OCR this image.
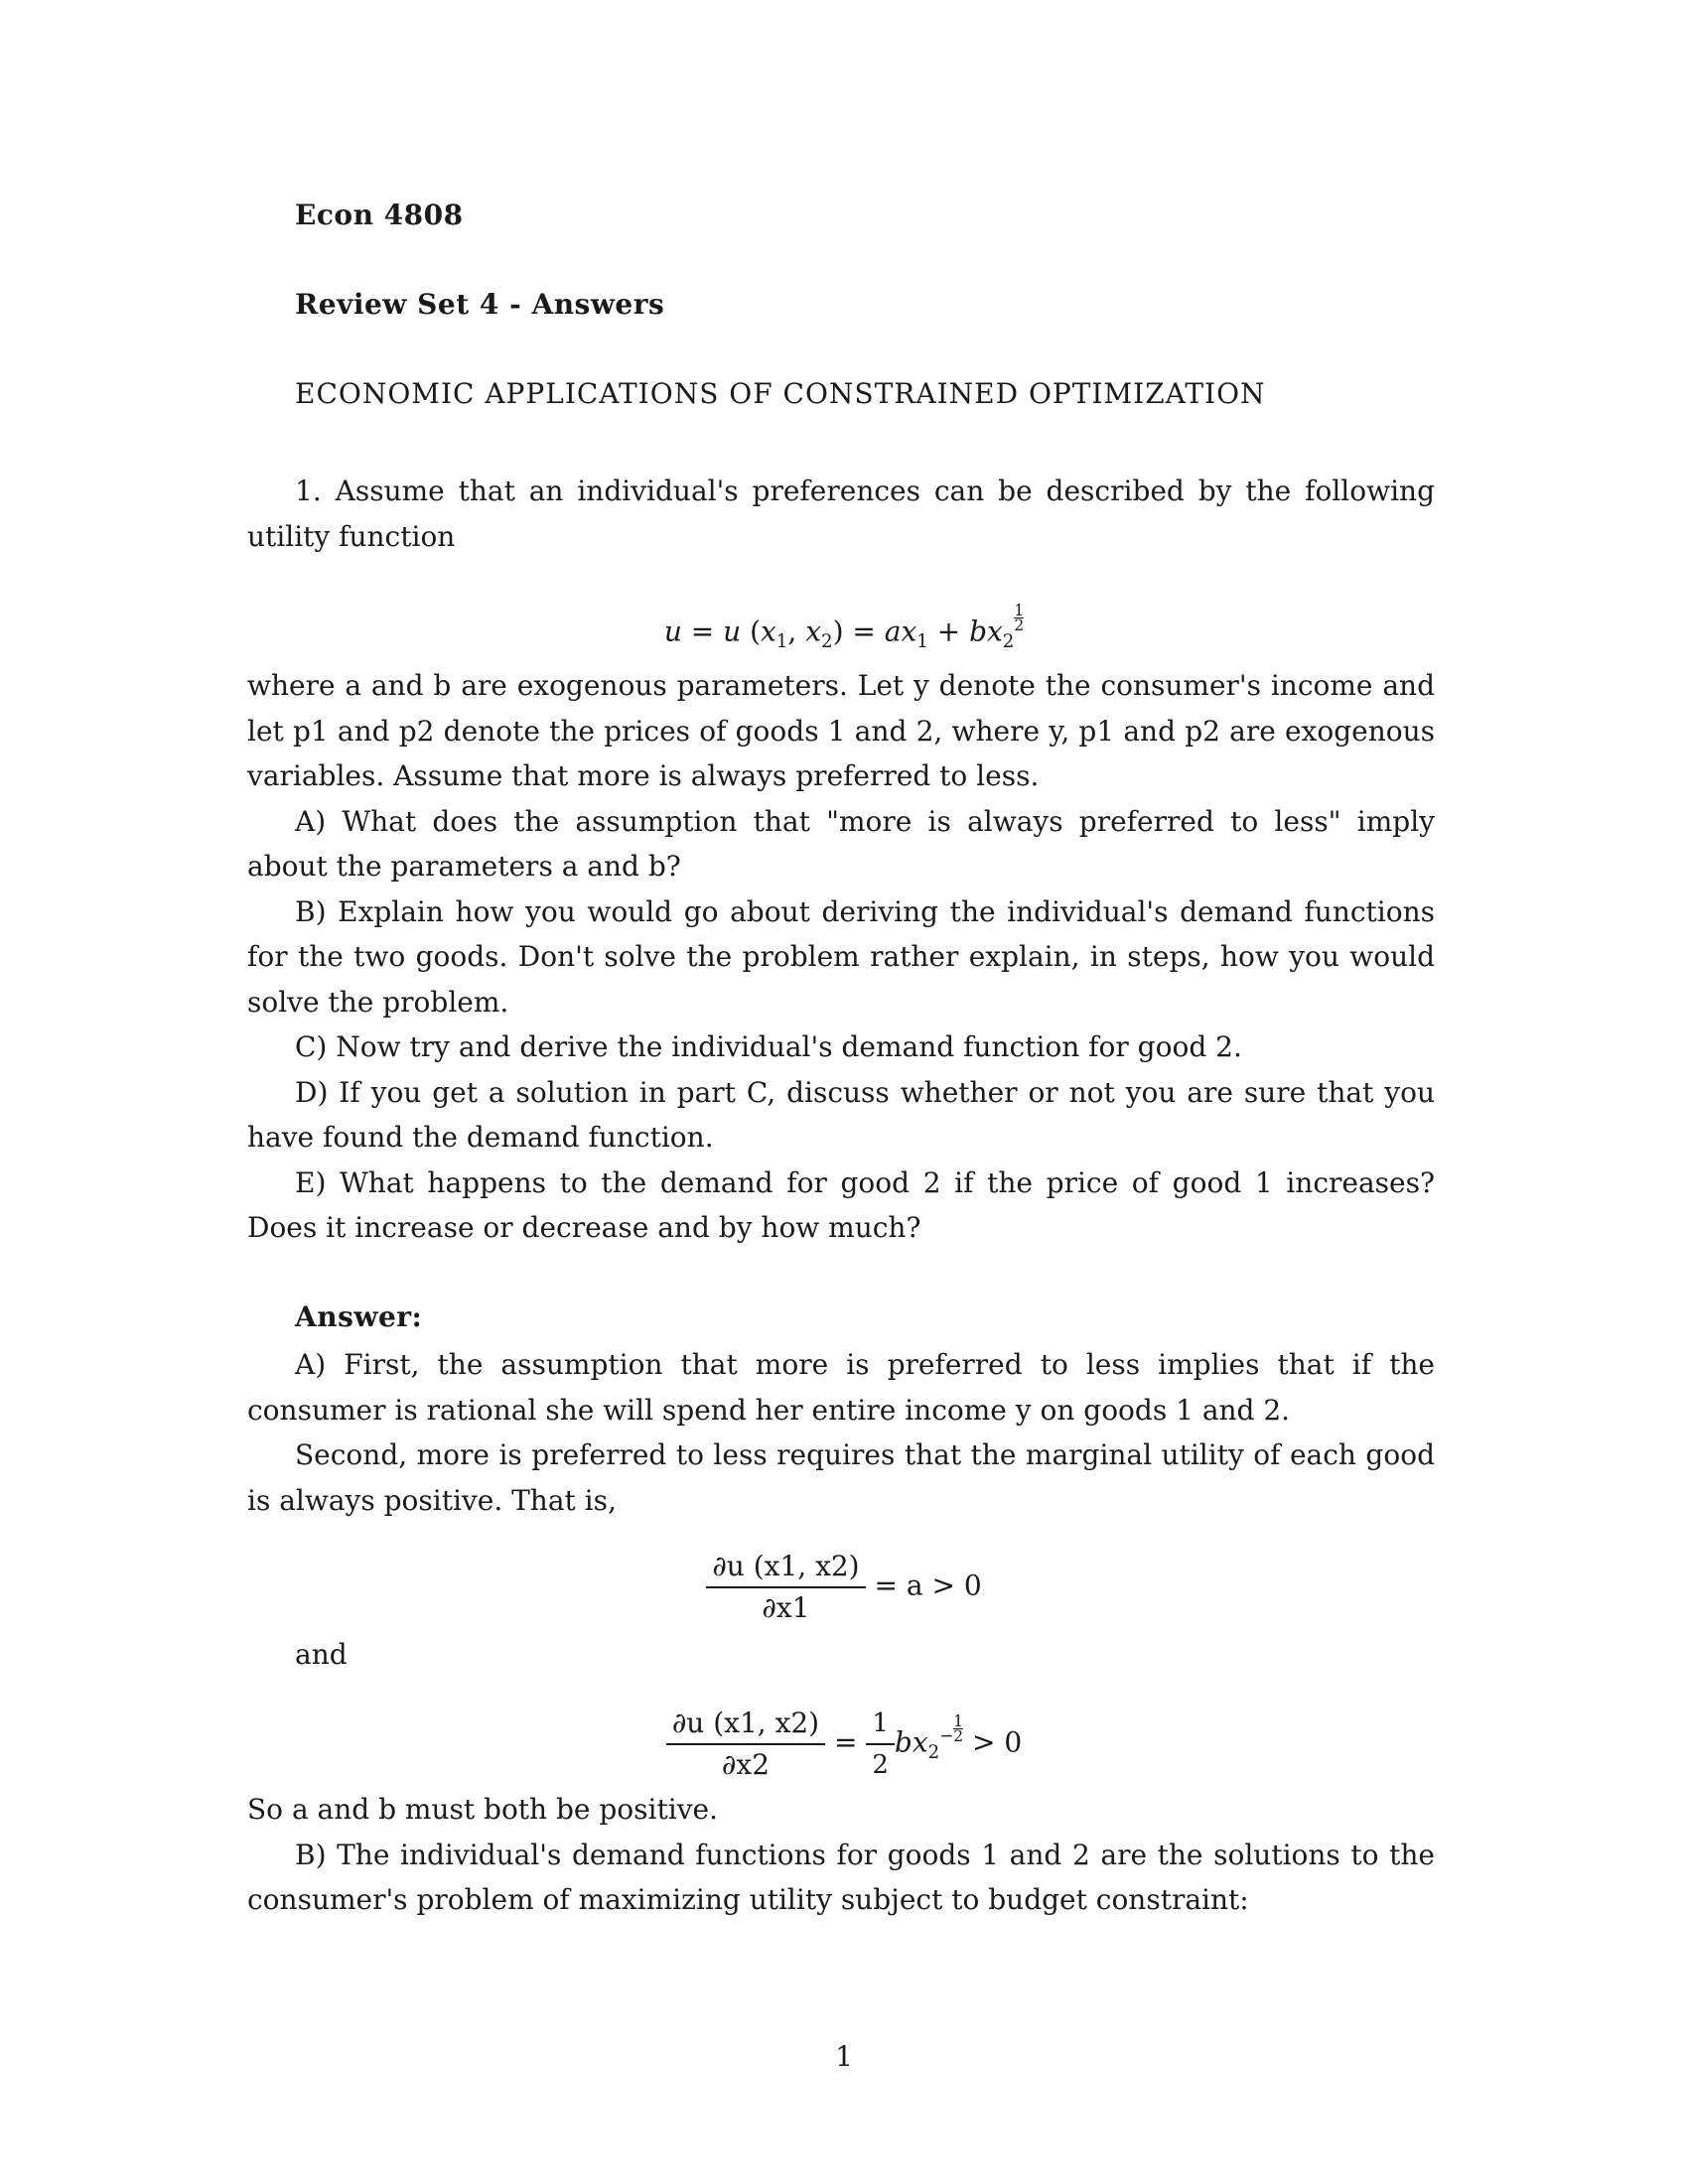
Econ 4808
Review Set 4 - Answers
ECONOMIC APPLICATIONS OF CONSTRAINED OPTIMIZATION

1. Assume that an individual's preferences can be described by the following utility function

u = u ($x_1$, $x_2) = ax_1 + bx_2$
$\frac{1}{2}$

where a and b are exogenous parameters. Let y denote the consumer's income and let p1 and p2 denote the prices of goods 1 and 2, where y, p1 and p2 are exogenous variables. Assume that more is always preferred to less.

A) What does the assumption that "more is always preferred to less" imply about the parameters a and b?

B) Explain how you would go about deriving the individual's demand functions for the two goods. Don't solve the problem rather explain, in steps, how you would solve the problem.

C) Now try and derive the individual's demand function for good 2.

D) If you get a solution in part C, discuss whether or not you are sure that you have found the demand function.

E) What happens to the demand for good 2 if the price of good 1 increases? Does it increase or decrease and by how much?

Answer:

A) First, the assumption that more is preferred to less implies that if the consumer is rational she will spend her entire income y on goods 1 and 2.

Second, more is preferred to less requires that the marginal utility of each good is always positive. That is,

$\frac{\partial u (x1, x2)}{\partial x1} = a > 0$
and
$\frac{\partial u (x1, x2)}{\partial x2} = \frac{1}{2} bx_2^- \frac{1}{2} > 0$

So a and b must both be positive.

B) The individual's demand functions for goods 1 and 2 are the solutions to the consumer's problem of maximizing utility subject to budget constraint:

1
